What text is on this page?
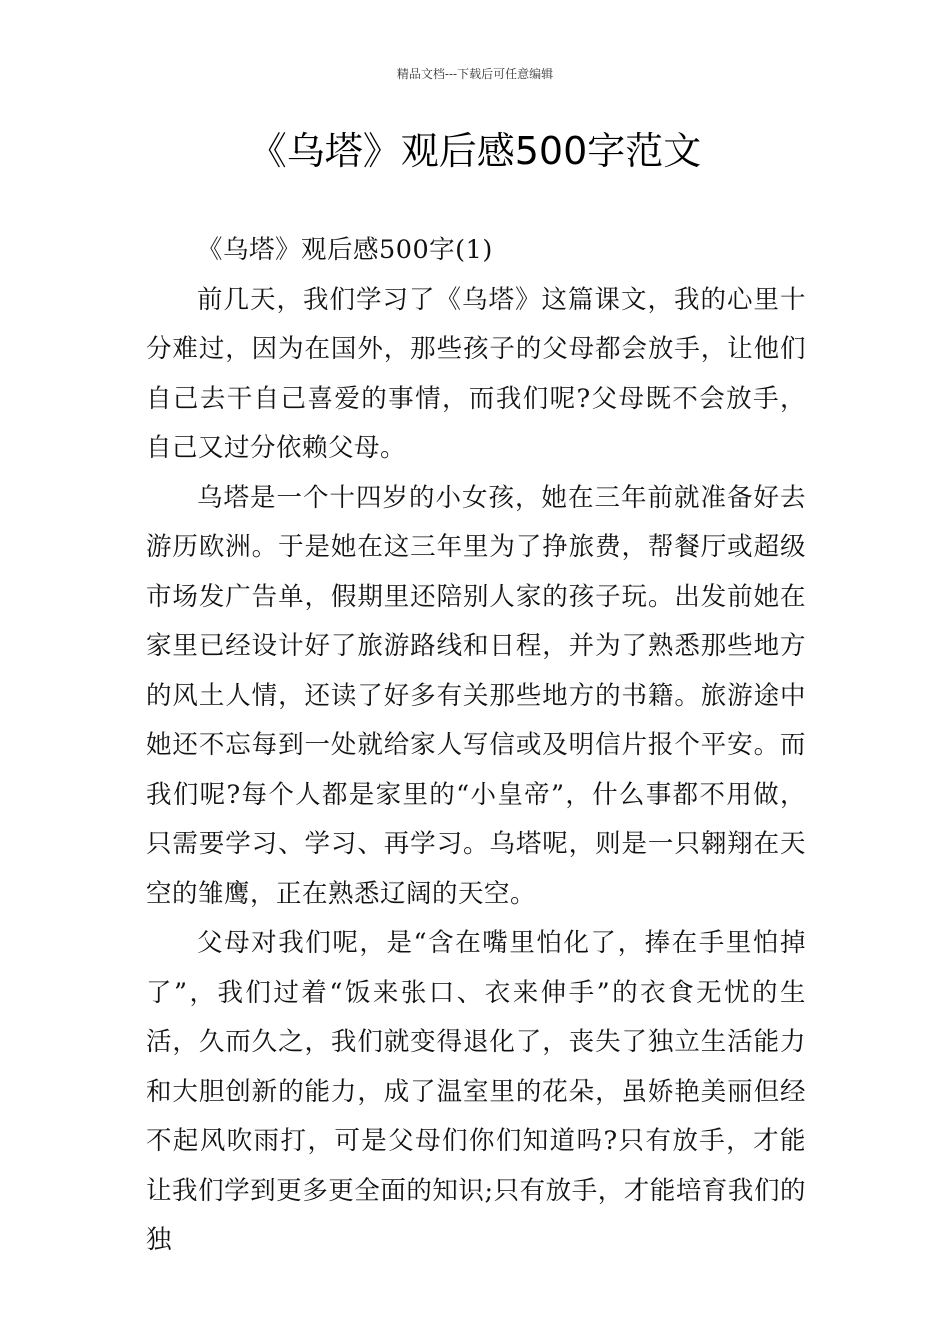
精品文档---下载后可任意编辑
《乌塔》观后感500字范文

《乌塔》观后感500字(1)

前几天，我们学习了《乌塔》这篇课文，我的心里十分难过，因为在国外，那些孩子的父母都会放手，让他们自己去干自己喜爱的事情，而我们呢?父母既不会放手，自己又过分依赖父母。

乌塔是一个十四岁的小女孩，她在三年前就准备好去游历欧洲。于是她在这三年里为了挣旅费，帮餐厅或超级市场发广告单，假期里还陪别人家的孩子玩。出发前她在家里已经设计好了旅游路线和日程，并为了熟悉那些地方的风土人情，还读了好多有关那些地方的书籍。旅游途中她还不忘每到一处就给家人写信或及明信片报个平安。而我们呢?每个人都是家里的“小皇帝”，什么事都不用做，只需要学习、学习、再学习。乌塔呢，则是一只翱翔在天空的雏鹰，正在熟悉辽阔的天空。

父母对我们呢，是“含在嘴里怕化了，捧在手里怕掉了”，我们过着“饭来张口、衣来伸手”的衣食无忧的生活，久而久之，我们就变得退化了，丧失了独立生活能力和大胆创新的能力，成了温室里的花朵，虽娇艳美丽但经不起风吹雨打，可是父母们你们知道吗?只有放手，才能让我们学到更多更全面的知识;只有放手，才能培育我们的独
